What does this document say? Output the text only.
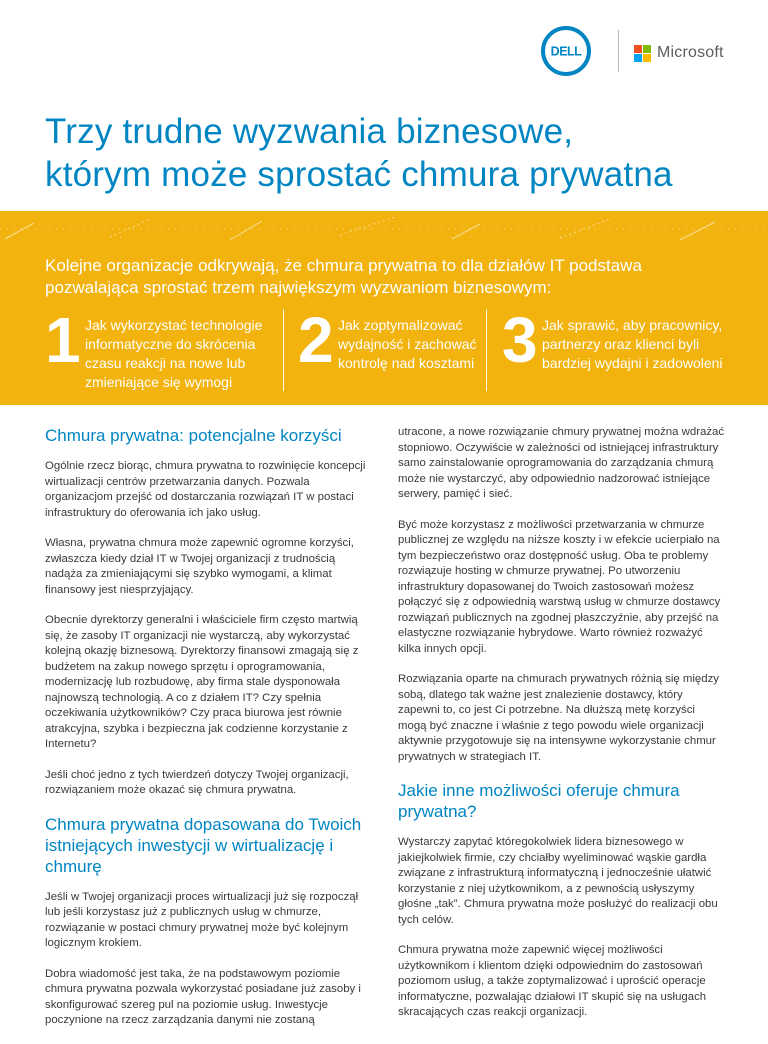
DELL	Microsoft
Trzy trudne wyzwania biznesowe,
którym może sprostać chmura prywatna

Kolejne organizacje odkrywają, że chmura prywatna to dla działów IT podstawa pozwalająca sprostać trzem największym wyzwaniom biznesowym:

1 Jak wykorzystać technologie informatyczne do skrócenia czasu reakcji na nowe lub zmieniające się wymogi

2 Jak zoptymalizować wydajność i zachować kontrolę nad kosztami 3 Jak sprawić, aby pracownicy, partnerzy oraz klienci byli bardziej wydajni i zadowoleni

Chmura prywatna: potencjalne korzyści

Ogólnie rzecz biorąc, chmura prywatna to rozwinięcie koncepcji wirtualizacji centrów przetwarzania danych. Pozwala organizacjom przejść od dostarczania rozwiązań IT w postaci infrastruktury do oferowania ich jako usług.

Własna, prywatna chmura może zapewnić ogromne korzyści, zwłaszcza kiedy dział IT w Twojej organizacji z trudnością nadąża za zmieniającymi się szybko wymogami, a klimat finansowy jest niesprzyjający.

Obecnie dyrektorzy generalni i właściciele firm często martwią się, że zasoby IT organizacji nie wystarczą, aby wykorzystać kolejną okazję biznesową. Dyrektorzy finansowi zmagają się z budżetem na zakup nowego sprzętu i oprogramowania, modernizację lub rozbudowę, aby firma stale dysponowała najnowszą technologią. A co z działem IT? Czy spełnia oczekiwania użytkowników? Czy praca biurowa jest równie atrakcyjna, szybka i bezpieczna jak codzienne korzystanie z Internetu?

Jeśli choć jedno z tych twierdzeń dotyczy Twojej organizacji, rozwiązaniem może okazać się chmura prywatna.

Chmura prywatna dopasowana do Twoich istniejących inwestycji w wirtualizację i chmurę

Jeśli w Twojej organizacji proces wirtualizacji już się rozpoczął lub jeśli korzystasz już z publicznych usług w chmurze, rozwiązanie w postaci chmury prywatnej może być kolejnym logicznym krokiem.

Dobra wiadomość jest taka, że na podstawowym poziomie chmura prywatna pozwala wykorzystać posiadane już zasoby i skonfigurować szereg pul na poziomie usług. Inwestycje poczynione na rzecz zarządzania danymi nie zostaną

utracone, a nowe rozwiązanie chmury prywatnej można wdrażać stopniowo. Oczywiście w zależności od istniejącej infrastruktury samo zainstalowanie oprogramowania do zarządzania chmurą może nie wystarczyć, aby odpowiednio nadzorować istniejące serwery, pamięć i sieć.

Być może korzystasz z możliwości przetwarzania w chmurze publicznej ze względu na niższe koszty i w efekcie ucierpiało na tym bezpieczeństwo oraz dostępność usług. Oba te problemy rozwiązuje hosting w chmurze prywatnej. Po utworzeniu infrastruktury dopasowanej do Twoich zastosowań możesz połączyć się z odpowiednią warstwą usług w chmurze dostawcy rozwiązań publicznych na zgodnej płaszczyźnie, aby przejść na elastyczne rozwiązanie hybrydowe. Warto również rozważyć kilka innych opcji.

Rozwiązania oparte na chmurach prywatnych różnią się między sobą, dlatego tak ważne jest znalezienie dostawcy, który zapewni to, co jest Ci potrzebne. Na dłuższą metę korzyści mogą być znaczne i właśnie z tego powodu wiele organizacji aktywnie przygotowuje się na intensywne wykorzystanie chmur prywatnych w strategiach IT.

Jakie inne możliwości oferuje chmura prywatna?

Wystarczy zapytać któregokolwiek lidera biznesowego w jakiejkolwiek firmie, czy chciałby wyeliminować wąskie gardła związane z infrastrukturą informatyczną i jednocześnie ułatwić korzystanie z niej użytkownikom, a z pewnością usłyszymy głośne „tak”. Chmura prywatna może posłużyć do realizacji obu tych celów.

Chmura prywatna może zapewnić więcej możliwości użytkownikom i klientom dzięki odpowiednim do zastosowań poziomom usług, a także zoptymalizować i uprościć operacje informatyczne, pozwalając działowi IT skupić się na usługach skracających czas reakcji organizacji.
